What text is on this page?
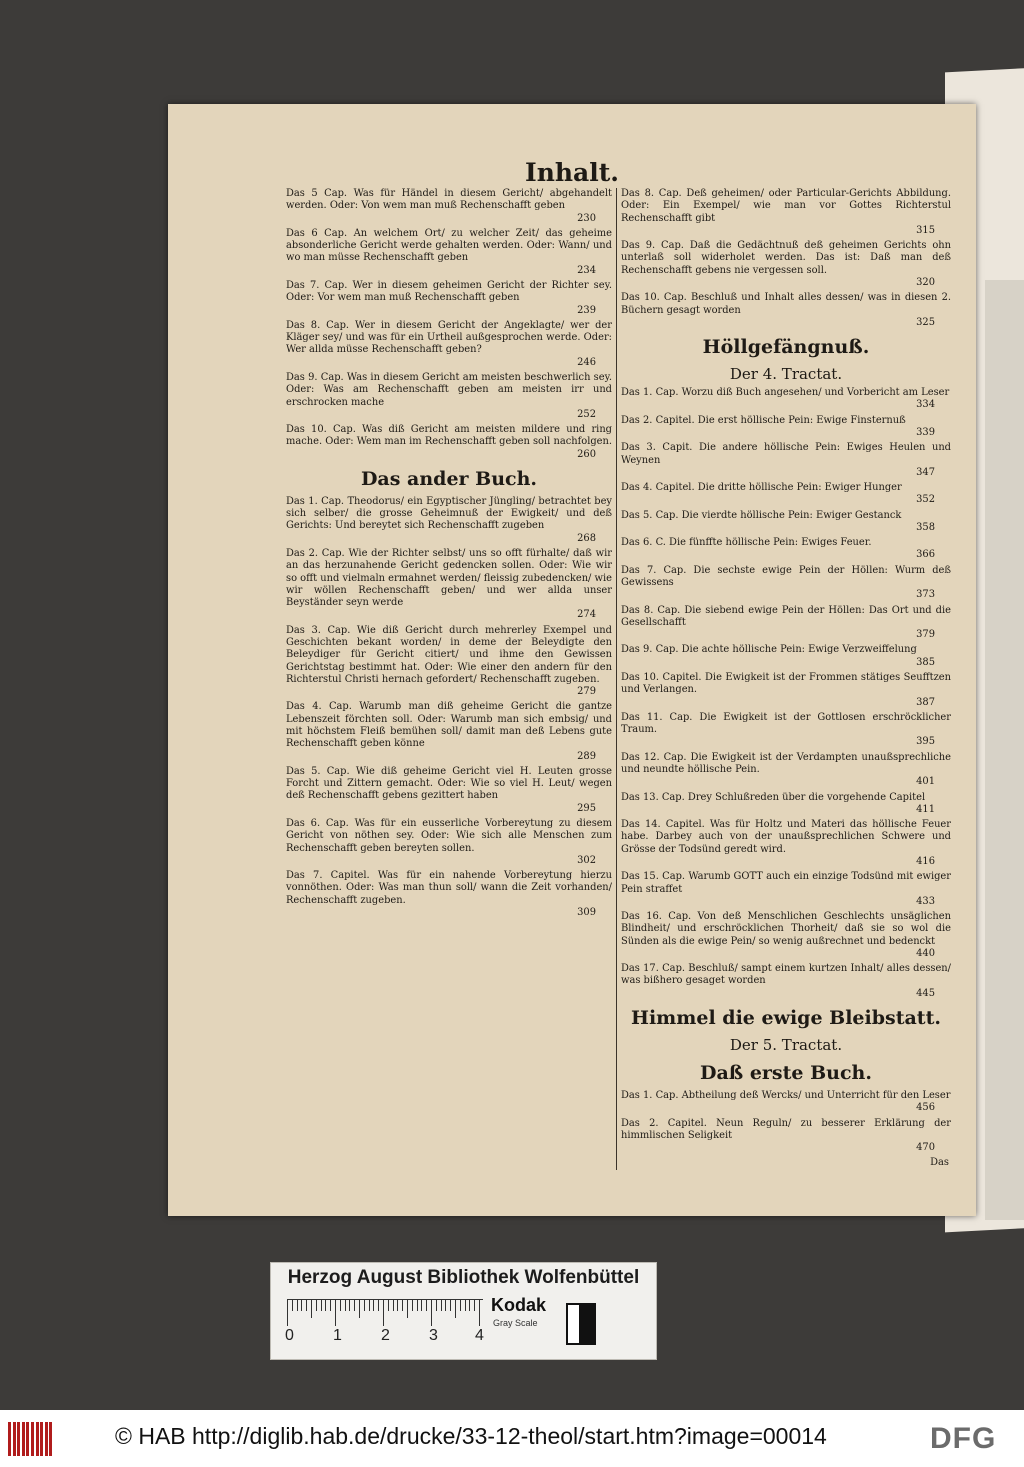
Inhalt.
Das 5 Cap. Was für Händel in diesem Gericht/ abgehandelt werden. Oder: Von wem man muß Rechenschafft geben
230
Das 6 Cap. An welchem Ort/ zu welcher Zeit/ das geheime absonderliche Gericht werde gehalten werden. Oder: Wann/ und wo man müsse Rechenschafft geben
234
Das 7. Cap. Wer in diesem geheimen Gericht der Richter sey. Oder: Vor wem man muß Rechenschafft geben
239
Das 8. Cap. Wer in diesem Gericht der Angeklagte/ wer der Kläger sey/ und was für ein Urtheil außgesprochen werde. Oder: Wer allda müsse Rechenschafft geben?
246
Das 9. Cap. Was in diesem Gericht am meisten beschwerlich sey. Oder: Was am Rechenschafft geben am meisten irr und erschrocken mache
252
Das 10. Cap. Was diß Gericht am meisten mildere und ring mache. Oder: Wem man im Rechenschafft geben soll nachfolgen.
260
Das ander Buch.
Das 1. Cap. Theodorus/ ein Egyptischer Jüngling/ betrachtet bey sich selber/ die grosse Geheimnuß der Ewigkeit/ und deß Gerichts: Und bereytet sich Rechenschafft zugeben
268
Das 2. Cap. Wie der Richter selbst/ uns so offt fürhalte/ daß wir an das herzunahende Gericht gedencken sollen. Oder: Wie wir so offt und vielmaln ermahnet werden/ fleissig zubedencken/ wie wir wöllen Rechenschafft geben/ und wer allda unser Beyständer seyn werde
274
Das 3. Cap. Wie diß Gericht durch mehrerley Exempel und Geschichten bekant worden/ in deme der Beleydigte den Beleydiger für Gericht citiert/ und ihme den Gewissen Gerichtstag bestimmt hat. Oder: Wie einer den andern für den Richterstul Christi hernach gefordert/ Rechenschafft zugeben.
279
Das 4. Cap. Warumb man diß geheime Gericht die gantze Lebenszeit förchten soll. Oder: Warumb man sich embsig/ und mit höchstem Fleiß bemühen soll/ damit man deß Lebens gute Rechenschafft geben könne
289
Das 5. Cap. Wie diß geheime Gericht viel H. Leuten grosse Forcht und Zittern gemacht. Oder: Wie so viel H. Leut/ wegen deß Rechenschafft gebens gezittert haben
295
Das 6. Cap. Was für ein eusserliche Vorbereytung zu diesem Gericht von nöthen sey. Oder: Wie sich alle Menschen zum Rechenschafft geben bereyten sollen.
302
Das 7. Capitel. Was für ein nahende Vorbereytung hierzu vonnöthen. Oder: Was man thun soll/ wann die Zeit vorhanden/ Rechenschafft zugeben.
309
Das 8. Cap. Deß geheimen/ oder Particular-Gerichts Abbildung. Oder: Ein Exempel/ wie man vor Gottes Richterstul Rechenschafft gibt
315
Das 9. Cap. Daß die Gedächtnuß deß geheimen Gerichts ohn unterlaß soll widerholet werden. Das ist: Daß man deß Rechenschafft gebens nie vergessen soll.
320
Das 10. Cap. Beschluß und Inhalt alles dessen/ was in diesen 2. Büchern gesagt worden
325
Höllgefängnuß.
Der 4. Tractat.
Das 1. Cap. Worzu diß Buch angesehen/ und Vorbericht am Leser
334
Das 2. Capitel. Die erst höllische Pein: Ewige Finsternuß
339
Das 3. Capit. Die andere höllische Pein: Ewiges Heulen und Weynen
347
Das 4. Capitel. Die dritte höllische Pein: Ewiger Hunger
352
Das 5. Cap. Die vierdte höllische Pein: Ewiger Gestanck
358
Das 6. C. Die fünffte höllische Pein: Ewiges Feuer.
366
Das 7. Cap. Die sechste ewige Pein der Höllen: Wurm deß Gewissens
373
Das 8. Cap. Die siebend ewige Pein der Höllen: Das Ort und die Gesellschafft
379
Das 9. Cap. Die achte höllische Pein: Ewige Verzweiffelung
385
Das 10. Capitel. Die Ewigkeit ist der Frommen stätiges Seufftzen und Verlangen.
387
Das 11. Cap. Die Ewigkeit ist der Gottlosen erschröcklicher Traum.
395
Das 12. Cap. Die Ewigkeit ist der Verdampten unaußsprechliche und neundte höllische Pein.
401
Das 13. Cap. Drey Schlußreden über die vorgehende Capitel
411
Das 14. Capitel. Was für Holtz und Materi das höllische Feuer habe. Darbey auch von der unaußsprechlichen Schwere und Grösse der Todsünd geredt wird.
416
Das 15. Cap. Warumb GOTT auch ein einzige Todsünd mit ewiger Pein straffet
433
Das 16. Cap. Von deß Menschlichen Geschlechts unsäglichen Blindheit/ und erschröcklichen Thorheit/ daß sie so wol die Sünden als die ewige Pein/ so wenig außrechnet und bedenckt
440
Das 17. Cap. Beschluß/ sampt einem kurtzen Inhalt/ alles dessen/ was bißhero gesaget worden
445
Himmel die ewige Bleibstatt.
Der 5. Tractat.
Daß erste Buch.
Das 1. Cap. Abtheilung deß Wercks/ und Unterricht für den Leser
456
Das 2. Capitel. Neun Reguln/ zu besserer Erklärung der himmlischen Seligkeit
470
Das
Herzog August Bibliothek Wolfenbüttel
0 1 2 3 4
Kodak
Gray Scale
© HAB http://diglib.hab.de/drucke/33-12-theol/start.htm?image=00014	DFG
